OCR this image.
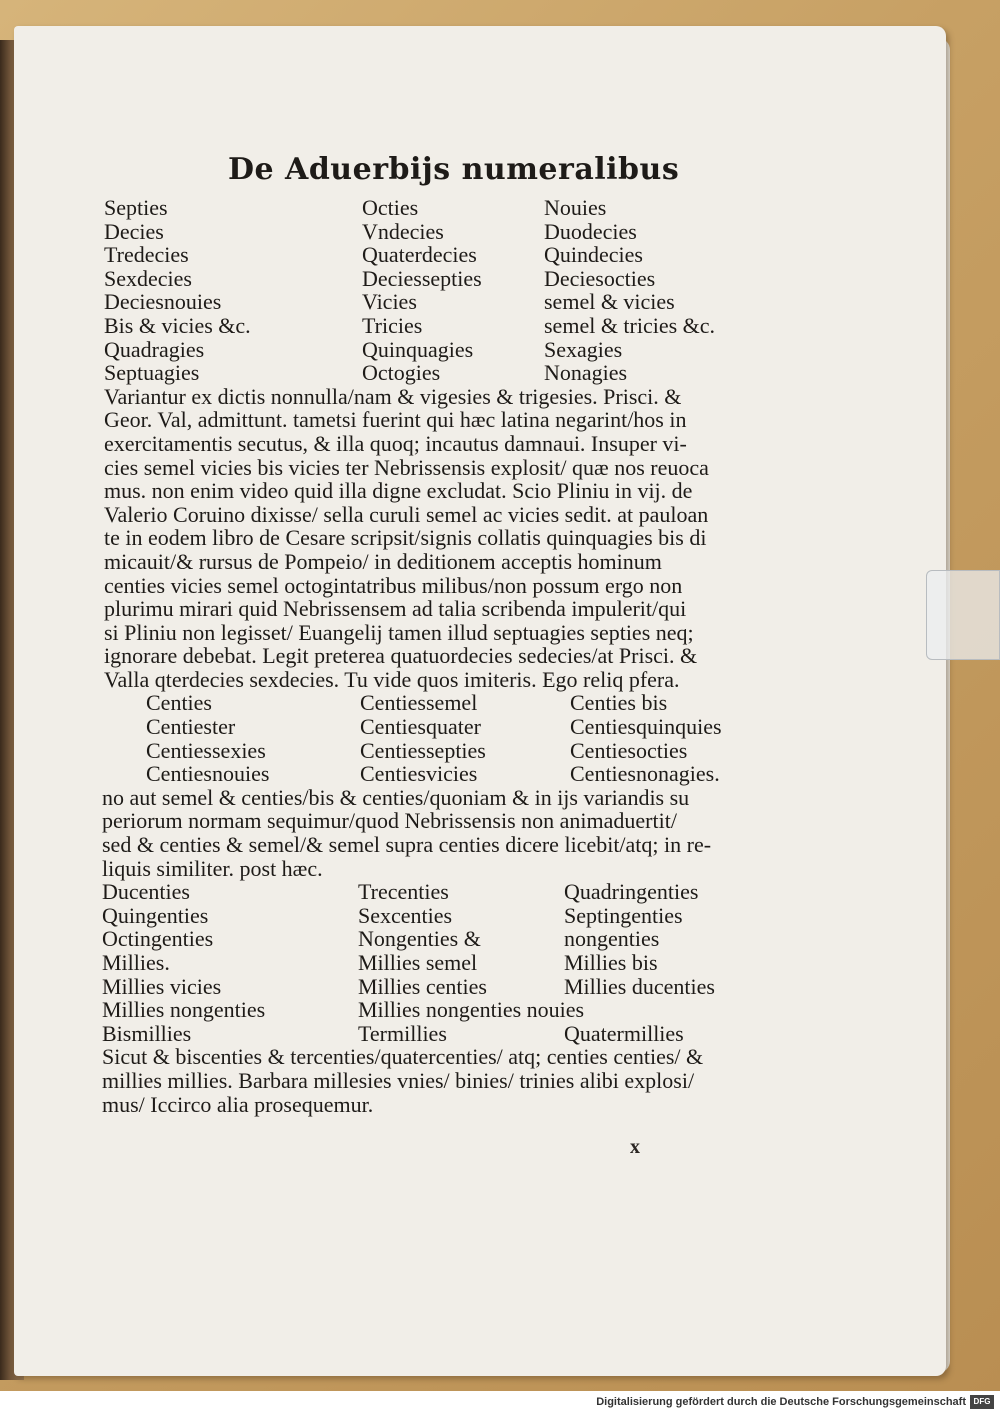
De Aduerbijs numeralibus
Septies	Octies	Nouies
Decies	Vndecies	Duodecies
Tredecies	Quaterdecies	Quindecies
Sexdecies	Deciessepties	Deciesocties
Deciesnouies	Vicies	semel & vicies
Bis & vicies &c.	Tricies	semel & tricies &c.
Quadragies	Quinquagies	Sexagies
Septuagies	Octogies	Nonagies

Variantur ex dictis nonnulla/nam & vigesies & trigesies. Prisci. &

Geor. Val, admittunt. tametsi fuerint qui hæc latina negarint/hos in

exercitamentis secutus, & illa quoq; incautus damnaui. Insuper vi-

cies semel vicies bis vicies ter Nebrissensis explosit/ quæ nos reuoca

mus. non enim video quid illa digne excludat. Scio Pliniu in vij. de

Valerio Coruino dixisse/ sella curuli semel ac vicies sedit. at pauloan

te in eodem libro de Cesare scripsit/signis collatis quinquagies bis di

micauit/& rursus de Pompeio/ in deditionem acceptis hominum

centies vicies semel octogintatribus milibus/non possum ergo non

plurimu mirari quid Nebrissensem ad talia scribenda impulerit/qui

si Pliniu non legisset/ Euangelij tamen illud septuagies septies neq;

ignorare debebat. Legit preterea quatuordecies sedecies/at Prisci. &

Valla qterdecies sexdecies. Tu vide quos imiteris. Ego reliq pfera.

Centies	Centiessemel	Centies bis
Centiester	Centiesquater	Centiesquinquies
Centiessexies	Centiessepties	Centiesocties
Centiesnouies	Centiesvicies	Centiesnonagies.

no aut semel & centies/bis & centies/quoniam & in ijs variandis su

periorum normam sequimur/quod Nebrissensis non animaduertit/

sed & centies & semel/& semel supra centies dicere licebit/atq; in re-

liquis similiter. post hæc.

Ducenties	Trecenties	Quadringenties
Quingenties	Sexcenties	Septingenties
Octingenties	Nongenties &	nongenties
Millies.	Millies semel	Millies bis
Millies vicies	Millies centies	Millies ducenties
Millies nongenties	Millies nongenties nouies
Bismillies	Termillies	Quatermillies

Sicut & biscenties & tercenties/quatercenties/ atq; centies centies/ &

millies millies. Barbara millesies vnies/ binies/ trinies alibi explosi/

mus/ Iccirco alia prosequemur.

x
Digitalisierung gefördert durch die Deutsche Forschungsgemeinschaft DFG
